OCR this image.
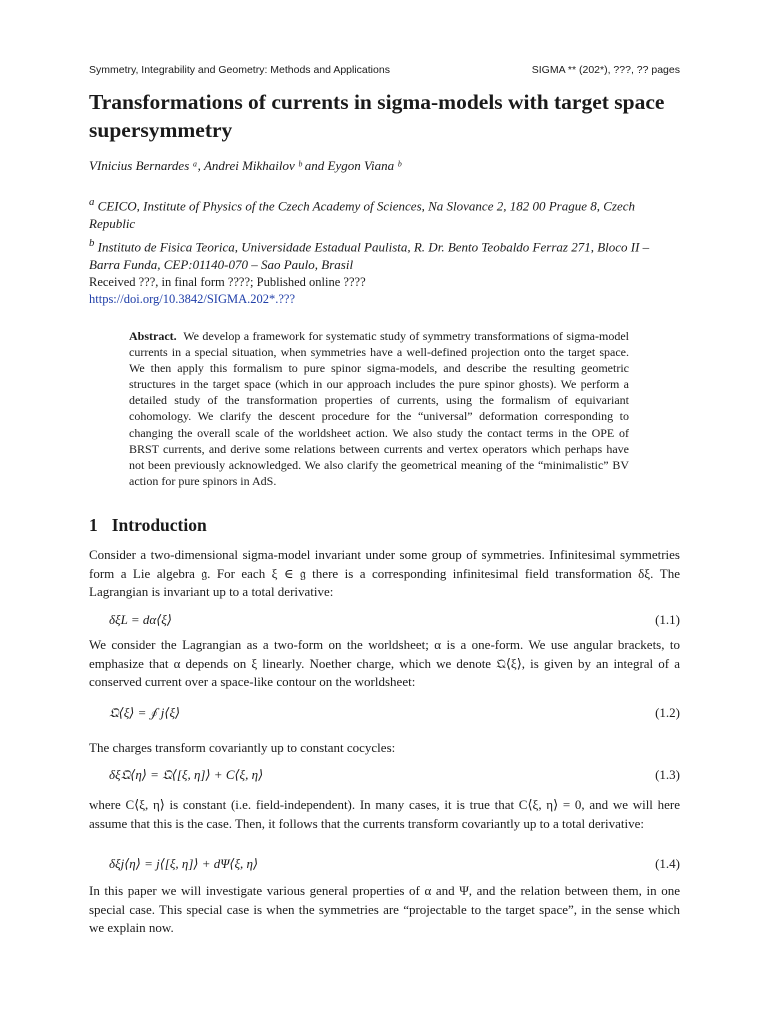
Symmetry, Integrability and Geometry: Methods and Applications	SIGMA ** (202*), ???, ?? pages
Transformations of currents in sigma-models with target space supersymmetry
VInicius Bernardes ᵃ, Andrei Mikhailov ᵇ and Eygon Viana ᵇ
$^a$ CEICO, Institute of Physics of the Czech Academy of Sciences, Na Slovance 2, 182 00 Prague 8, Czech Republic
$^b$ Instituto de Fisica Teorica, Universidade Estadual Paulista, R. Dr. Bento Teobaldo Ferraz 271, Bloco II – Barra Funda, CEP:01140-070 – Sao Paulo, Brasil
Received ???, in final form ????; Published online ????
https://doi.org/10.3842/SIGMA.202*.???

Abstract. We develop a framework for systematic study of symmetry transformations of sigma-model currents in a special situation, when symmetries have a well-defined projection onto the target space. We then apply this formalism to pure spinor sigma-models, and describe the resulting geometric structures in the target space (which in our approach includes the pure spinor ghosts). We perform a detailed study of the transformation properties of currents, using the formalism of equivariant cohomology. We clarify the descent procedure for the “universal” deformation corresponding to changing the overall scale of the worldsheet action. We also study the contact terms in the OPE of BRST currents, and derive some relations between currents and vertex operators which perhaps have not been previously acknowledged. We also clarify the geometrical meaning of the “minimalistic” BV action for pure spinors in AdS.

1 Introduction

Consider a two-dimensional sigma-model invariant under some group of symmetries. Infinitesimal symmetries form a Lie algebra 𝔤. For each ξ ∈ 𝔤 there is a corresponding infinitesimal field transformation δξ. The Lagrangian is invariant up to a total derivative:

δξL = dα⟨ξ⟩	(1.1)

We consider the Lagrangian as a two-form on the worldsheet; α is a one-form. We use angular brackets, to emphasize that α depends on ξ linearly. Noether charge, which we denote 𝔔⟨ξ⟩, is given by an integral of a conserved current over a space-like contour on the worldsheet:

𝔔⟨ξ⟩ = ∮ j⟨ξ⟩	(1.2)

The charges transform covariantly up to constant cocycles:

δξ𝔔⟨η⟩ = 𝔔⟨[ξ, η]⟩ + C⟨ξ, η⟩	(1.3)

where C⟨ξ, η⟩ is constant (i.e. field-independent). In many cases, it is true that C⟨ξ, η⟩ = 0, and we will here assume that this is the case. Then, it follows that the currents transform covariantly up to a total derivative:

δξj⟨η⟩ = j⟨[ξ, η]⟩ + dΨ⟨ξ, η⟩	(1.4)

In this paper we will investigate various general properties of α and Ψ, and the relation between them, in one special case. This special case is when the symmetries are “projectable to the target space”, in the sense which we explain now.
